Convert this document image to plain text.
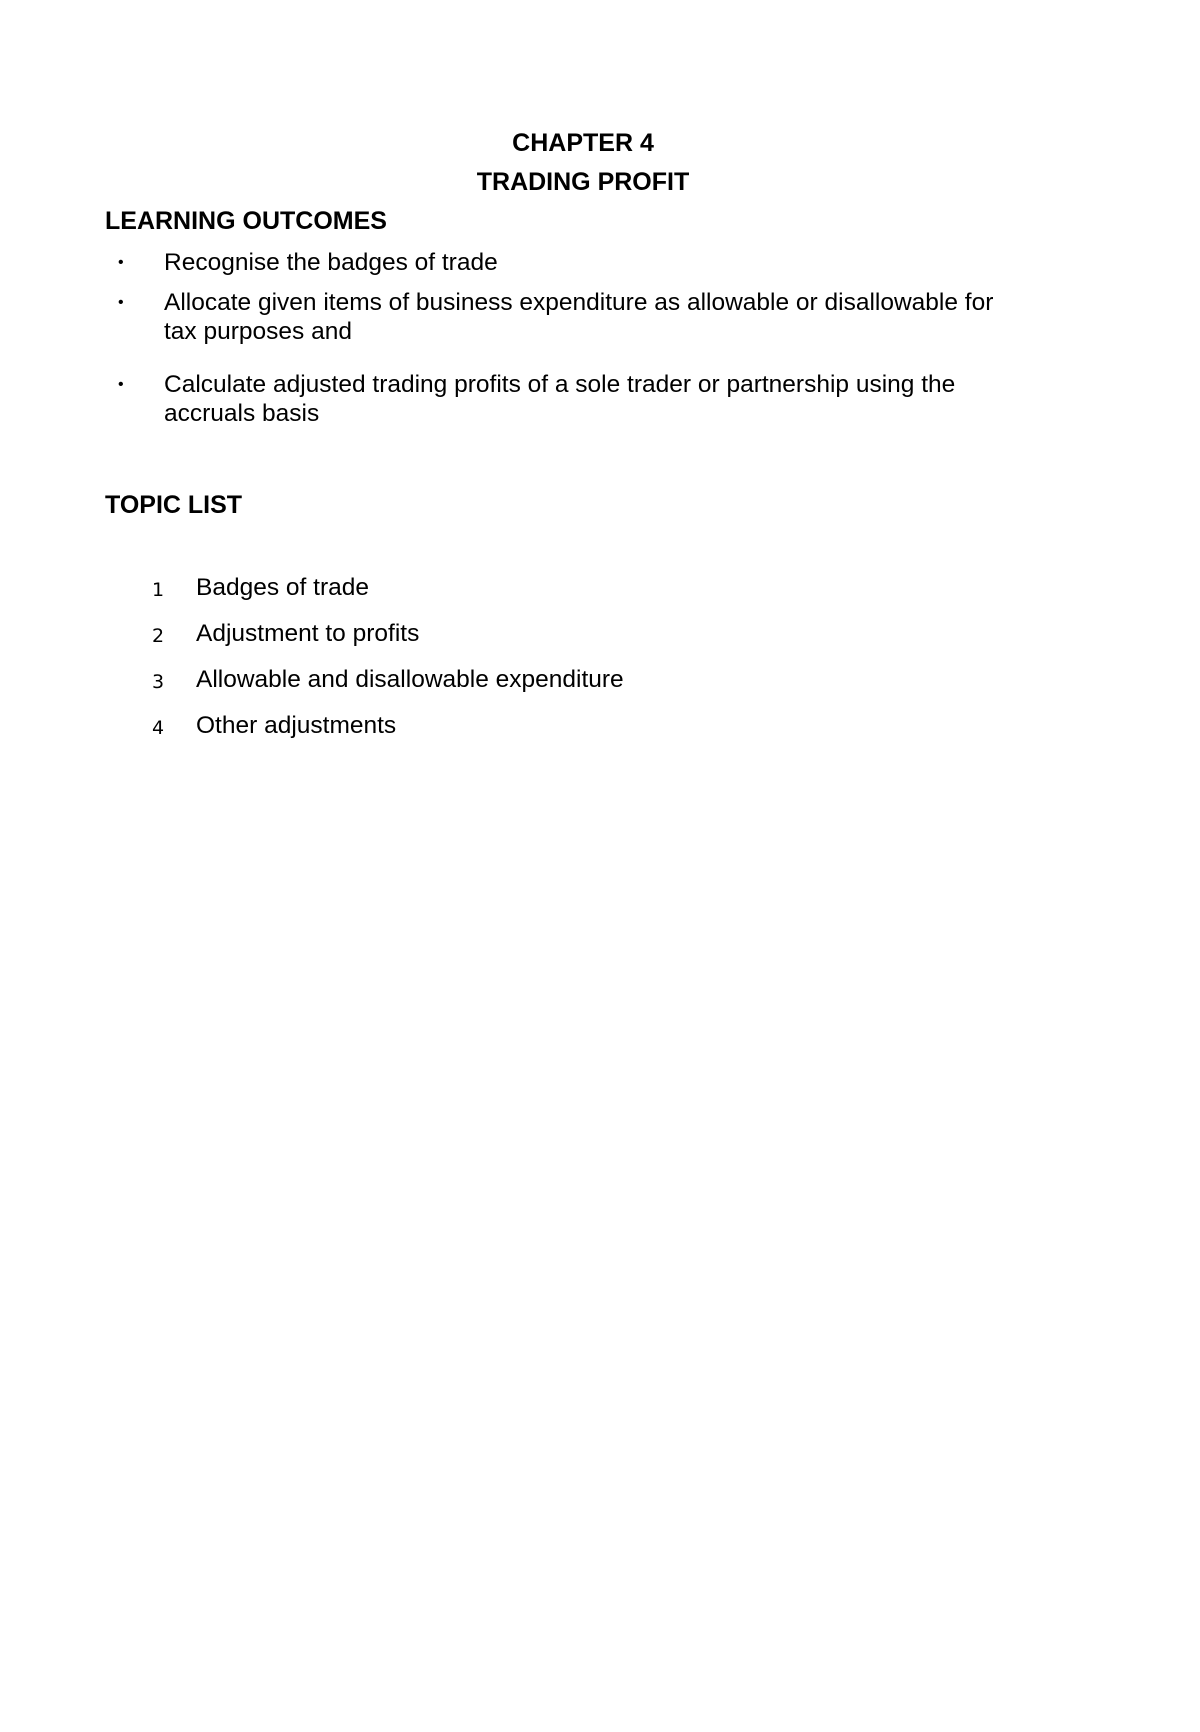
CHAPTER 4
TRADING PROFIT
LEARNING OUTCOMES
•	Recognise the badges of trade
•	Allocate given items of business expenditure as allowable or disallowable for tax purposes and
•	Calculate adjusted trading profits of a sole trader or partnership using the accruals basis
TOPIC LIST
1 Badges of trade
2 Adjustment to profits
3 Allowable and disallowable expenditure
4 Other adjustments
